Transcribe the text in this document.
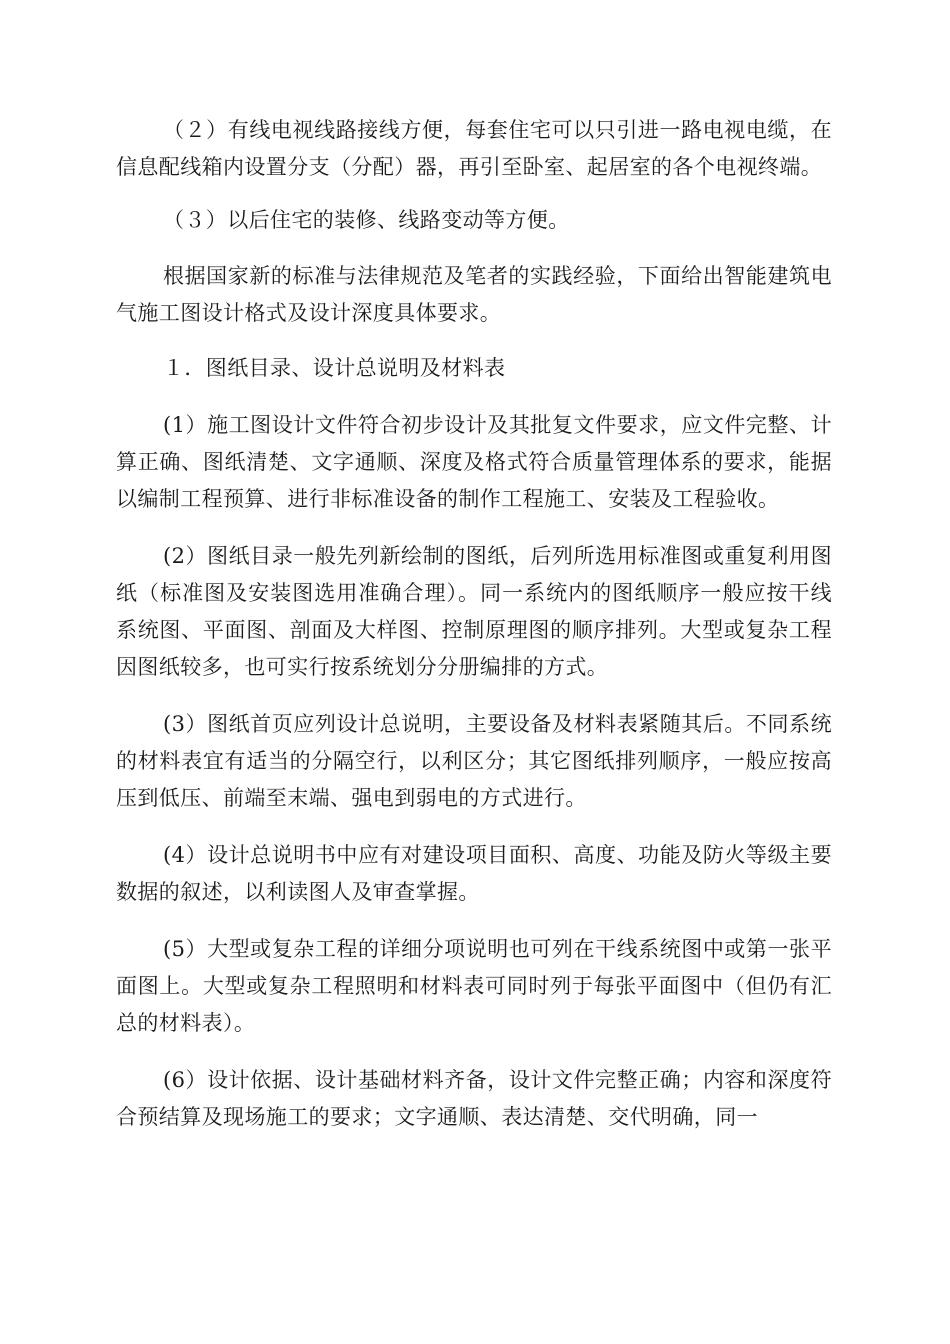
（２）有线电视线路接线方便，每套住宅可以只引进一路电视电缆，在信息配线箱内设置分支（分配）器，再引至卧室、起居室的各个电视终端。

（３）以后住宅的装修、线路变动等方便。

根据国家新的标准与法律规范及笔者的实践经验，下面给出智能建筑电气施工图设计格式及设计深度具体要求。

１．图纸目录、设计总说明及材料表

(1）施工图设计文件符合初步设计及其批复文件要求，应文件完整、计算正确、图纸清楚、文字通顺、深度及格式符合质量管理体系的要求，能据以编制工程预算、进行非标准设备的制作工程施工、安装及工程验收。

(2）图纸目录一般先列新绘制的图纸，后列所选用标准图或重复利用图纸（标准图及安装图选用准确合理）。同一系统内的图纸顺序一般应按干线系统图、平面图、剖面及大样图、控制原理图的顺序排列。大型或复杂工程因图纸较多，也可实行按系统划分分册编排的方式。

(3）图纸首页应列设计总说明，主要设备及材料表紧随其后。不同系统的材料表宜有适当的分隔空行，以利区分；其它图纸排列顺序，一般应按高压到低压、前端至末端、强电到弱电的方式进行。

(4）设计总说明书中应有对建设项目面积、高度、功能及防火等级主要数据的叙述，以利读图人及审查掌握。

(5）大型或复杂工程的详细分项说明也可列在干线系统图中或第一张平面图上。大型或复杂工程照明和材料表可同时列于每张平面图中（但仍有汇总的材料表）。

(6）设计依据、设计基础材料齐备，设计文件完整正确；内容和深度符合预结算及现场施工的要求；文字通顺、表达清楚、交代明确，同一
